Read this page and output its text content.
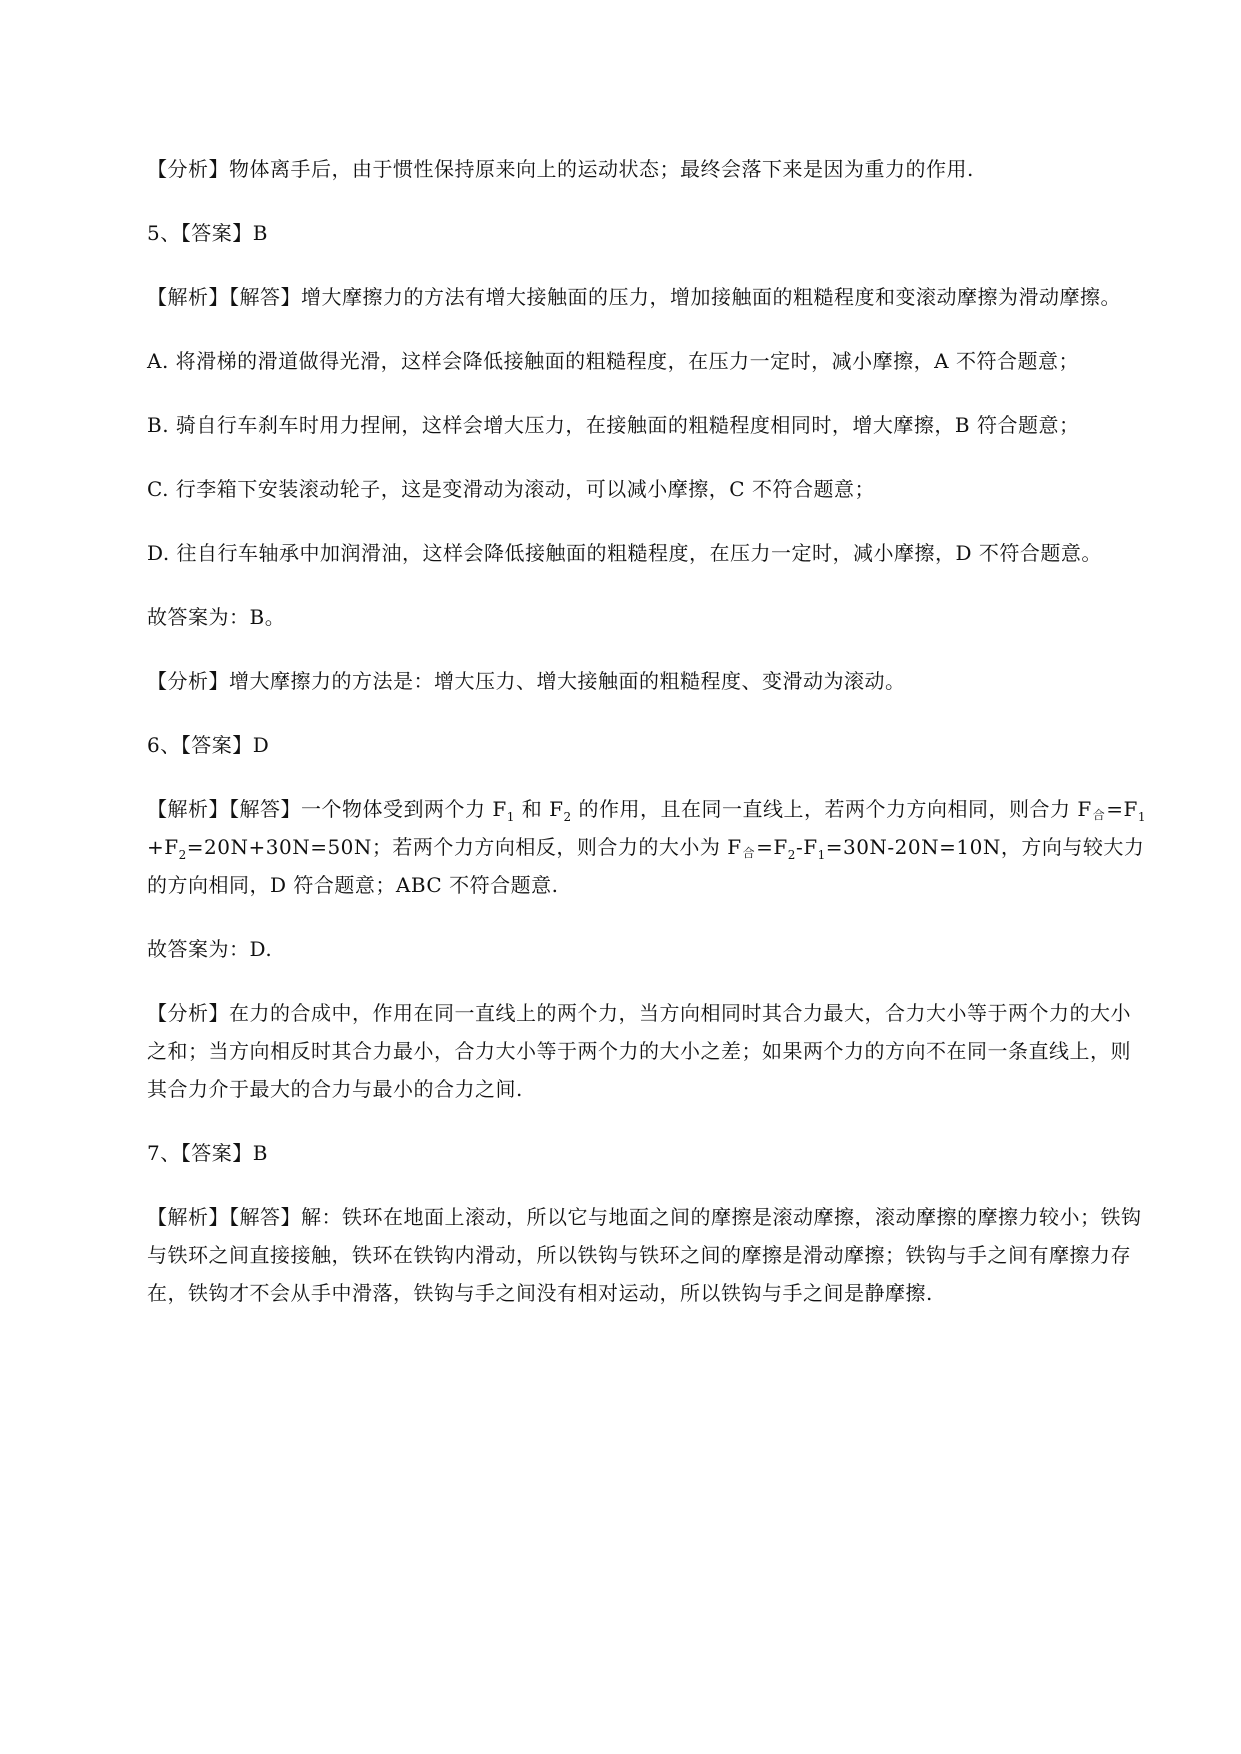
【分析】物体离手后，由于惯性保持原来向上的运动状态；最终会落下来是因为重力的作用.

5、【答案】B

【解析】【解答】增大摩擦力的方法有增大接触面的压力，增加接触面的粗糙程度和变滚动摩擦为滑动摩擦。

A. 将滑梯的滑道做得光滑，这样会降低接触面的粗糙程度，在压力一定时，减小摩擦，A 不符合题意；

B. 骑自行车刹车时用力捏闸，这样会增大压力，在接触面的粗糙程度相同时，增大摩擦，B 符合题意；

C. 行李箱下安装滚动轮子，这是变滑动为滚动，可以减小摩擦，C 不符合题意；

D. 往自行车轴承中加润滑油，这样会降低接触面的粗糙程度，在压力一定时，减小摩擦，D 不符合题意。

故答案为：B。

【分析】增大摩擦力的方法是：增大压力、增大接触面的粗糙程度、变滑动为滚动。

6、【答案】D

【解析】【解答】一个物体受到两个力 $F_1$ 和 $F_2$ 的作用，且在同一直线上，若两个力方向相同，则合力 $F_合=F_1+F_2=20N+30N=50N$；若两个力方向相反，则合力的大小为 $F_合=F_2-F_1=30N-20N=10N$，方向与较大力的方向相同，D 符合题意；ABC 不符合题意.

故答案为：D.

【分析】在力的合成中，作用在同一直线上的两个力，当方向相同时其合力最大，合力大小等于两个力的大小之和；当方向相反时其合力最小，合力大小等于两个力的大小之差；如果两个力的方向不在同一条直线上，则其合力介于最大的合力与最小的合力之间.

7、【答案】B

【解析】【解答】解：铁环在地面上滚动，所以它与地面之间的摩擦是滚动摩擦，滚动摩擦的摩擦力较小；铁钩与铁环之间直接接触，铁环在铁钩内滑动，所以铁钩与铁环之间的摩擦是滑动摩擦；铁钩与手之间有摩擦力存在，铁钩才不会从手中滑落，铁钩与手之间没有相对运动，所以铁钩与手之间是静摩擦.
